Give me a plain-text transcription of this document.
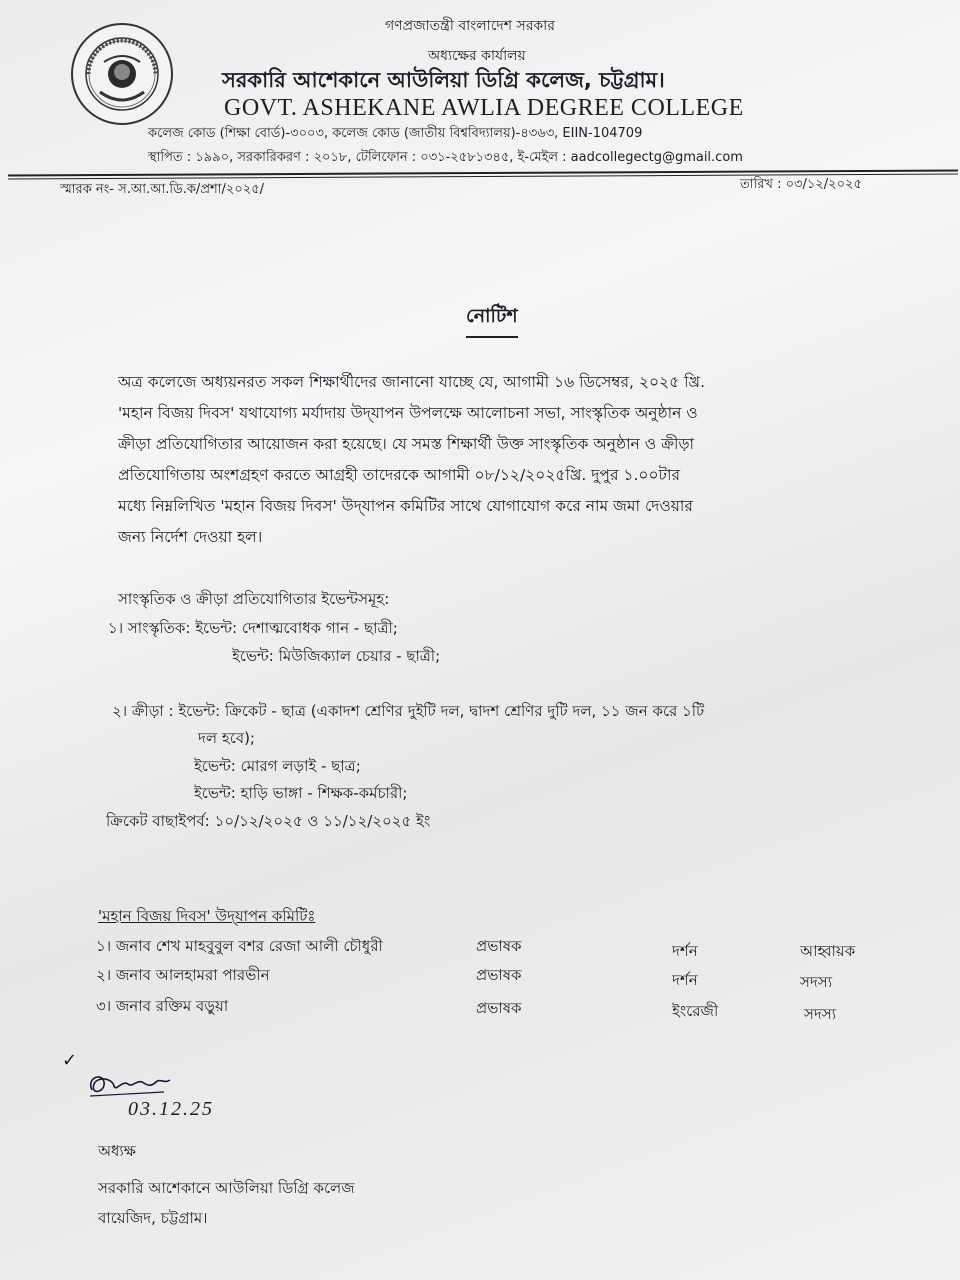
গণপ্রজাতন্ত্রী বাংলাদেশ সরকার
অধ্যক্ষের কার্যালয়
সরকারি আশেকানে আউলিয়া ডিগ্রি কলেজ, চট্টগ্রাম।
GOVT. ASHEKANE AWLIA DEGREE COLLEGE
কলেজ কোড (শিক্ষা বোর্ড)-৩০০৩, কলেজ কোড (জাতীয় বিশ্ববিদ্যালয়)-৪৩৬৩, EIIN-104709
স্থাপিত : ১৯৯০, সরকারিকরণ : ২০১৮, টেলিফোন : ০৩১-২৫৮১৩৪৫, ই-মেইল : aadcollegectg@gmail.com
স্মারক নং- স.আ.আ.ডি.ক/প্রশা/২০২৫/	তারিখ : ০৩/১২/২০২৫
নোটিশ
অত্র কলেজে অধ্যয়নরত সকল শিক্ষার্থীদের জানানো যাচ্ছে যে, আগামী ১৬ ডিসেম্বর, ২০২৫ খ্রি.
'মহান বিজয় দিবস' যথাযোগ্য মর্যাদায় উদ্‌যাপন উপলক্ষে আলোচনা সভা, সাংস্কৃতিক অনুষ্ঠান ও
ক্রীড়া প্রতিযোগিতার আয়োজন করা হয়েছে। যে সমস্ত শিক্ষার্থী উক্ত সাংস্কৃতিক অনুষ্ঠান ও ক্রীড়া
প্রতিযোগিতায় অংশগ্রহণ করতে আগ্রহী তাদেরকে আগামী ০৮/১২/২০২৫খ্রি. দুপুর ১.০০টার
মধ্যে নিম্নলিখিত 'মহান বিজয় দিবস' উদ্‌যাপন কমিটির সাথে যোগাযোগ করে নাম জমা দেওয়ার
জন্য নির্দেশ দেওয়া হল।
সাংস্কৃতিক ও ক্রীড়া প্রতিযোগিতার ইভেন্টসমূহ:
১। সাংস্কৃতিক: ইভেন্ট: দেশাত্মবোধক গান - ছাত্রী;
ইভেন্ট: মিউজিক্যাল চেয়ার - ছাত্রী;
২। ক্রীড়া : ইভেন্ট: ক্রিকেট - ছাত্র (একাদশ শ্রেণির দুইটি দল, দ্বাদশ শ্রেণির দুটি দল, ১১ জন করে ১টি
দল হবে);
ইভেন্ট: মোরগ লড়াই - ছাত্র;
ইভেন্ট: হাড়ি ভাঙ্গা - শিক্ষক-কর্মচারী;
ক্রিকেট বাছাইপর্ব: ১০/১২/২০২৫ ও ১১/১২/২০২৫ ইং
'মহান বিজয় দিবস' উদ্‌যাপন কমিটিঃ
১। জনাব শেখ মাহবুবুল বশর রেজা আলী চৌধুরী	প্রভাষক	দর্শন	আহ্বায়ক
২। জনাব আলহামরা পারভীন	প্রভাষক	দর্শন	সদস্য
৩। জনাব রক্তিম বড়ুয়া	প্রভাষক	ইংরেজী	সদস্য
✓
03.12.25
অধ্যক্ষ
সরকারি আশেকানে আউলিয়া ডিগ্রি কলেজ
বায়েজিদ, চট্টগ্রাম।
